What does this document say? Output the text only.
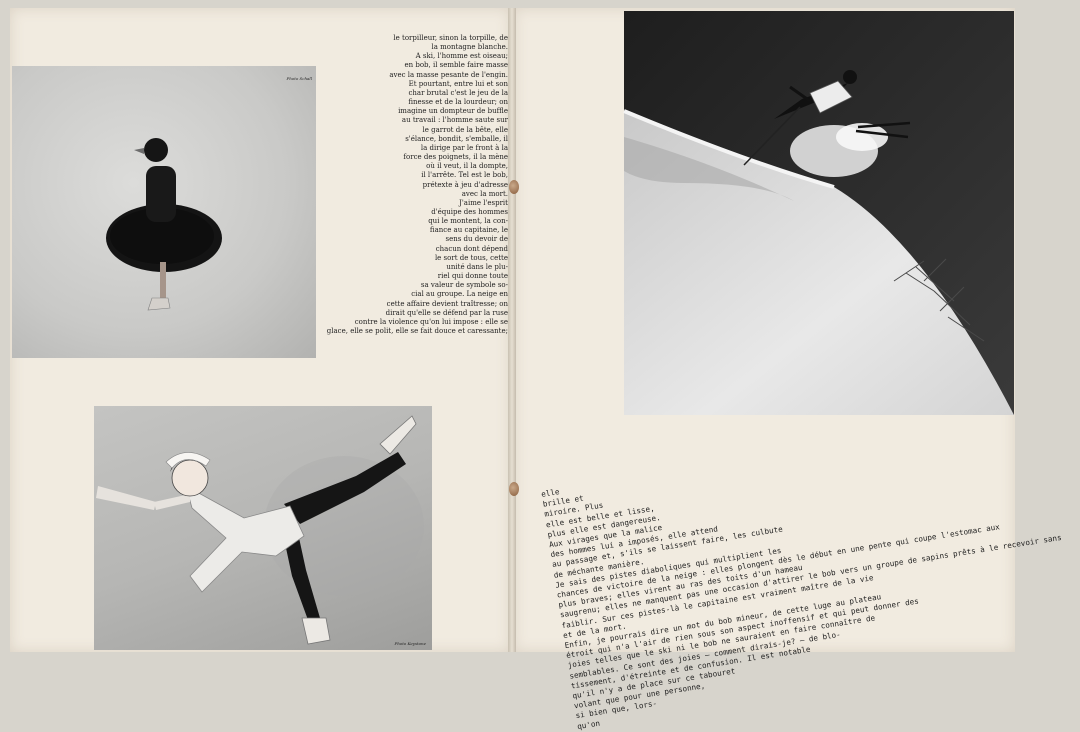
Photo Schall
Photo Keystone

le torpilleur, sinon la torpille, de
la montagne blanche.
A ski, l'homme est oiseau;
en bob, il semble faire masse
avec la masse pesante de l'engin.
Et pourtant, entre lui et son
char brutal c'est le jeu de la
finesse et de la lourdeur; on
imagine un dompteur de buffle
au travail : l'homme saute sur
le garrot de la bête, elle
s'élance, bondit, s'emballe, il
la dirige par le front à la
force des poignets, il la mène
où il veut, il la dompte,
il l'arrête. Tel est le bob,
prétexte à jeu d'adresse
avec la mort.
J'aime l'esprit
d'équipe des hommes
qui le montent, la con-
fiance au capitaine, le
sens du devoir de
chacun dont dépend
le sort de tous, cette
unité dans le plu-
riel qui donne toute
sa valeur de symbole so-
cial au groupe. La neige en
cette affaire devient traîtresse; on
dirait qu'elle se défend par la ruse
contre la violence qu'on lui impose : elle se
glace, elle se polit, elle se fait douce et caressante;

elle
brille et
miroire. Plus
elle est belle et lisse,
plus elle est dangereuse.
Aux virages que la malice
des hommes lui a imposés, elle attend
au passage et, s'ils se laissent faire, les culbute
de méchante manière.
Je sais des pistes diaboliques qui multiplient les
chances de victoire de la neige : elles plongent dès le début en une pente qui coupe l'estomac aux
plus braves; elles virent au ras des toits d'un hameau
saugrenu; elles ne manquent pas une occasion d'attirer le bob vers un groupe de sapins prêts à le recevoir sans
faiblir. Sur ces pistes-là le capitaine est vraiment maître de la vie
et de la mort.
Enfin, je pourrais dire un mot du bob mineur, de cette luge au plateau
étroit qui n'a l'air de rien sous son aspect inoffensif et qui peut donner des
joies telles que le ski ni le bob ne sauraient en faire connaître de
semblables. Ce sont des joies — comment dirais-je? — de blo-
tissement, d'étreinte et de confusion. Il est notable
qu'il n'y a de place sur ce tabouret
volant que pour une personne,
si bien que, lors-
qu'on
